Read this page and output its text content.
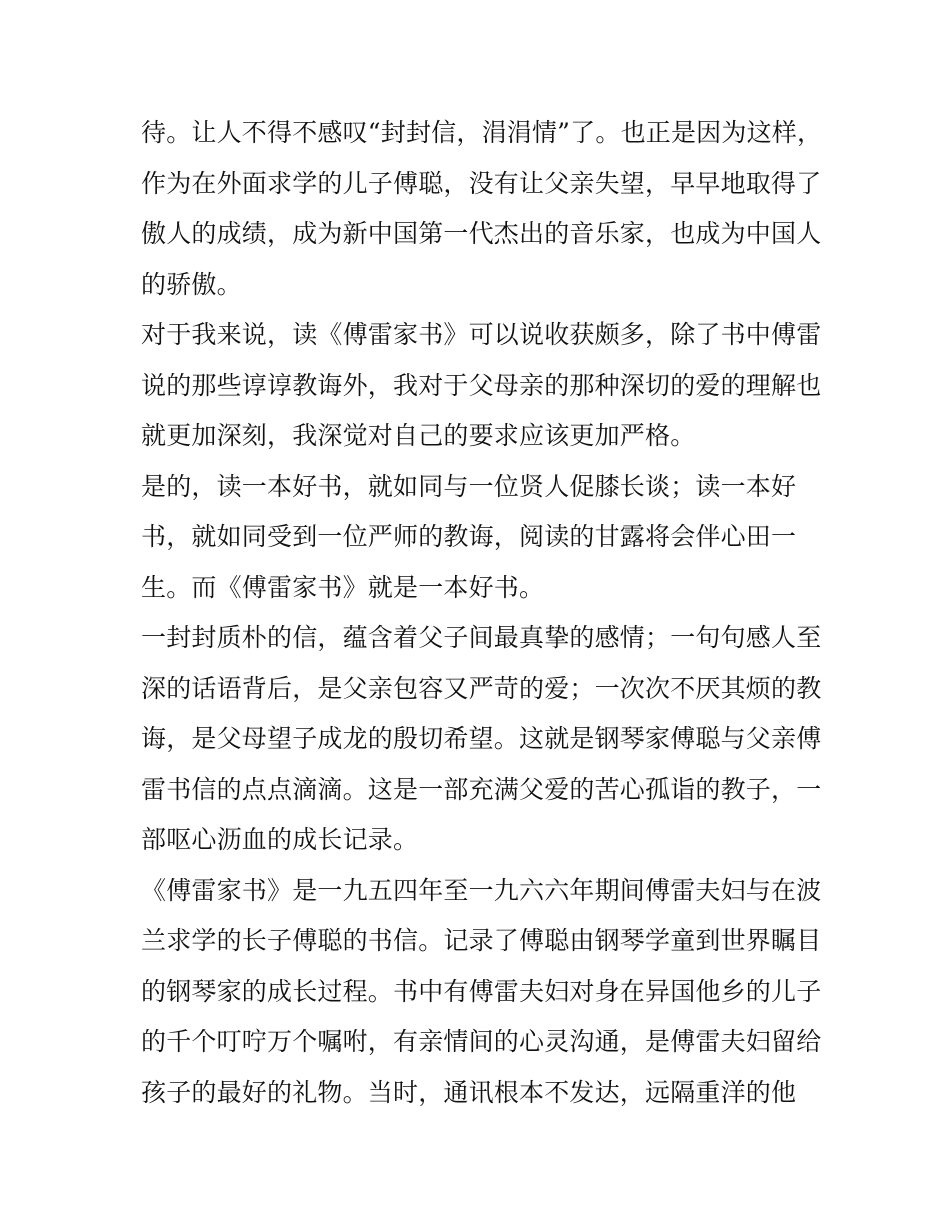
待。让人不得不感叹“封封信，涓涓情”了。也正是因为这样，
作为在外面求学的儿子傅聪，没有让父亲失望，早早地取得了
傲人的成绩，成为新中国第一代杰出的音乐家，也成为中国人
的骄傲。
对于我来说，读《傅雷家书》可以说收获颇多，除了书中傅雷
说的那些谆谆教诲外，我对于父母亲的那种深切的爱的理解也
就更加深刻，我深觉对自己的要求应该更加严格。
是的，读一本好书，就如同与一位贤人促膝长谈；读一本好
书，就如同受到一位严师的教诲，阅读的甘露将会伴心田一
生。而《傅雷家书》就是一本好书。
一封封质朴的信，蕴含着父子间最真挚的感情；一句句感人至
深的话语背后，是父亲包容又严苛的爱；一次次不厌其烦的教
诲，是父母望子成龙的殷切希望。这就是钢琴家傅聪与父亲傅
雷书信的点点滴滴。这是一部充满父爱的苦心孤诣的教子，一
部呕心沥血的成长记录。
《傅雷家书》是一九五四年至一九六六年期间傅雷夫妇与在波
兰求学的长子傅聪的书信。记录了傅聪由钢琴学童到世界瞩目
的钢琴家的成长过程。书中有傅雷夫妇对身在异国他乡的儿子
的千个叮咛万个嘱咐，有亲情间的心灵沟通，是傅雷夫妇留给
孩子的最好的礼物。当时，通讯根本不发达，远隔重洋的他
